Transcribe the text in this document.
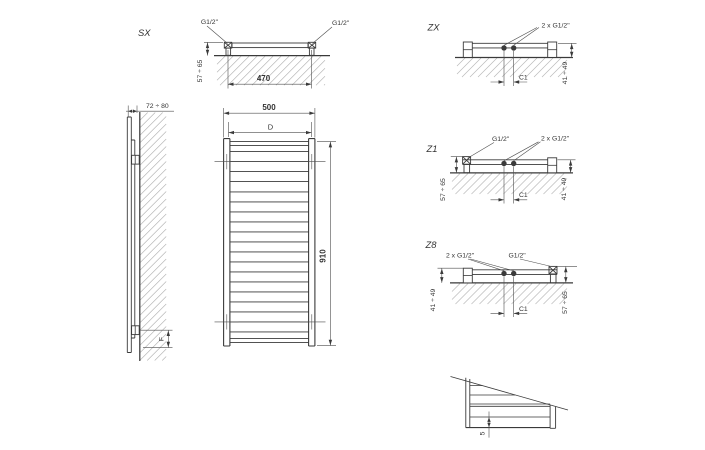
SX
G1/2"	G1/2"
470
57 ÷ 65
72 ÷ 80
F
500
D
910
ZX	2 x G1/2"
C1	41 ÷ 49
Z1
G1/2"	2 x G1/2"
57 ÷ 65	41 ÷ 49
C1
Z8
2 x G1/2"	G1/2"
41 ÷ 49	57 ÷ 65
C1
5
